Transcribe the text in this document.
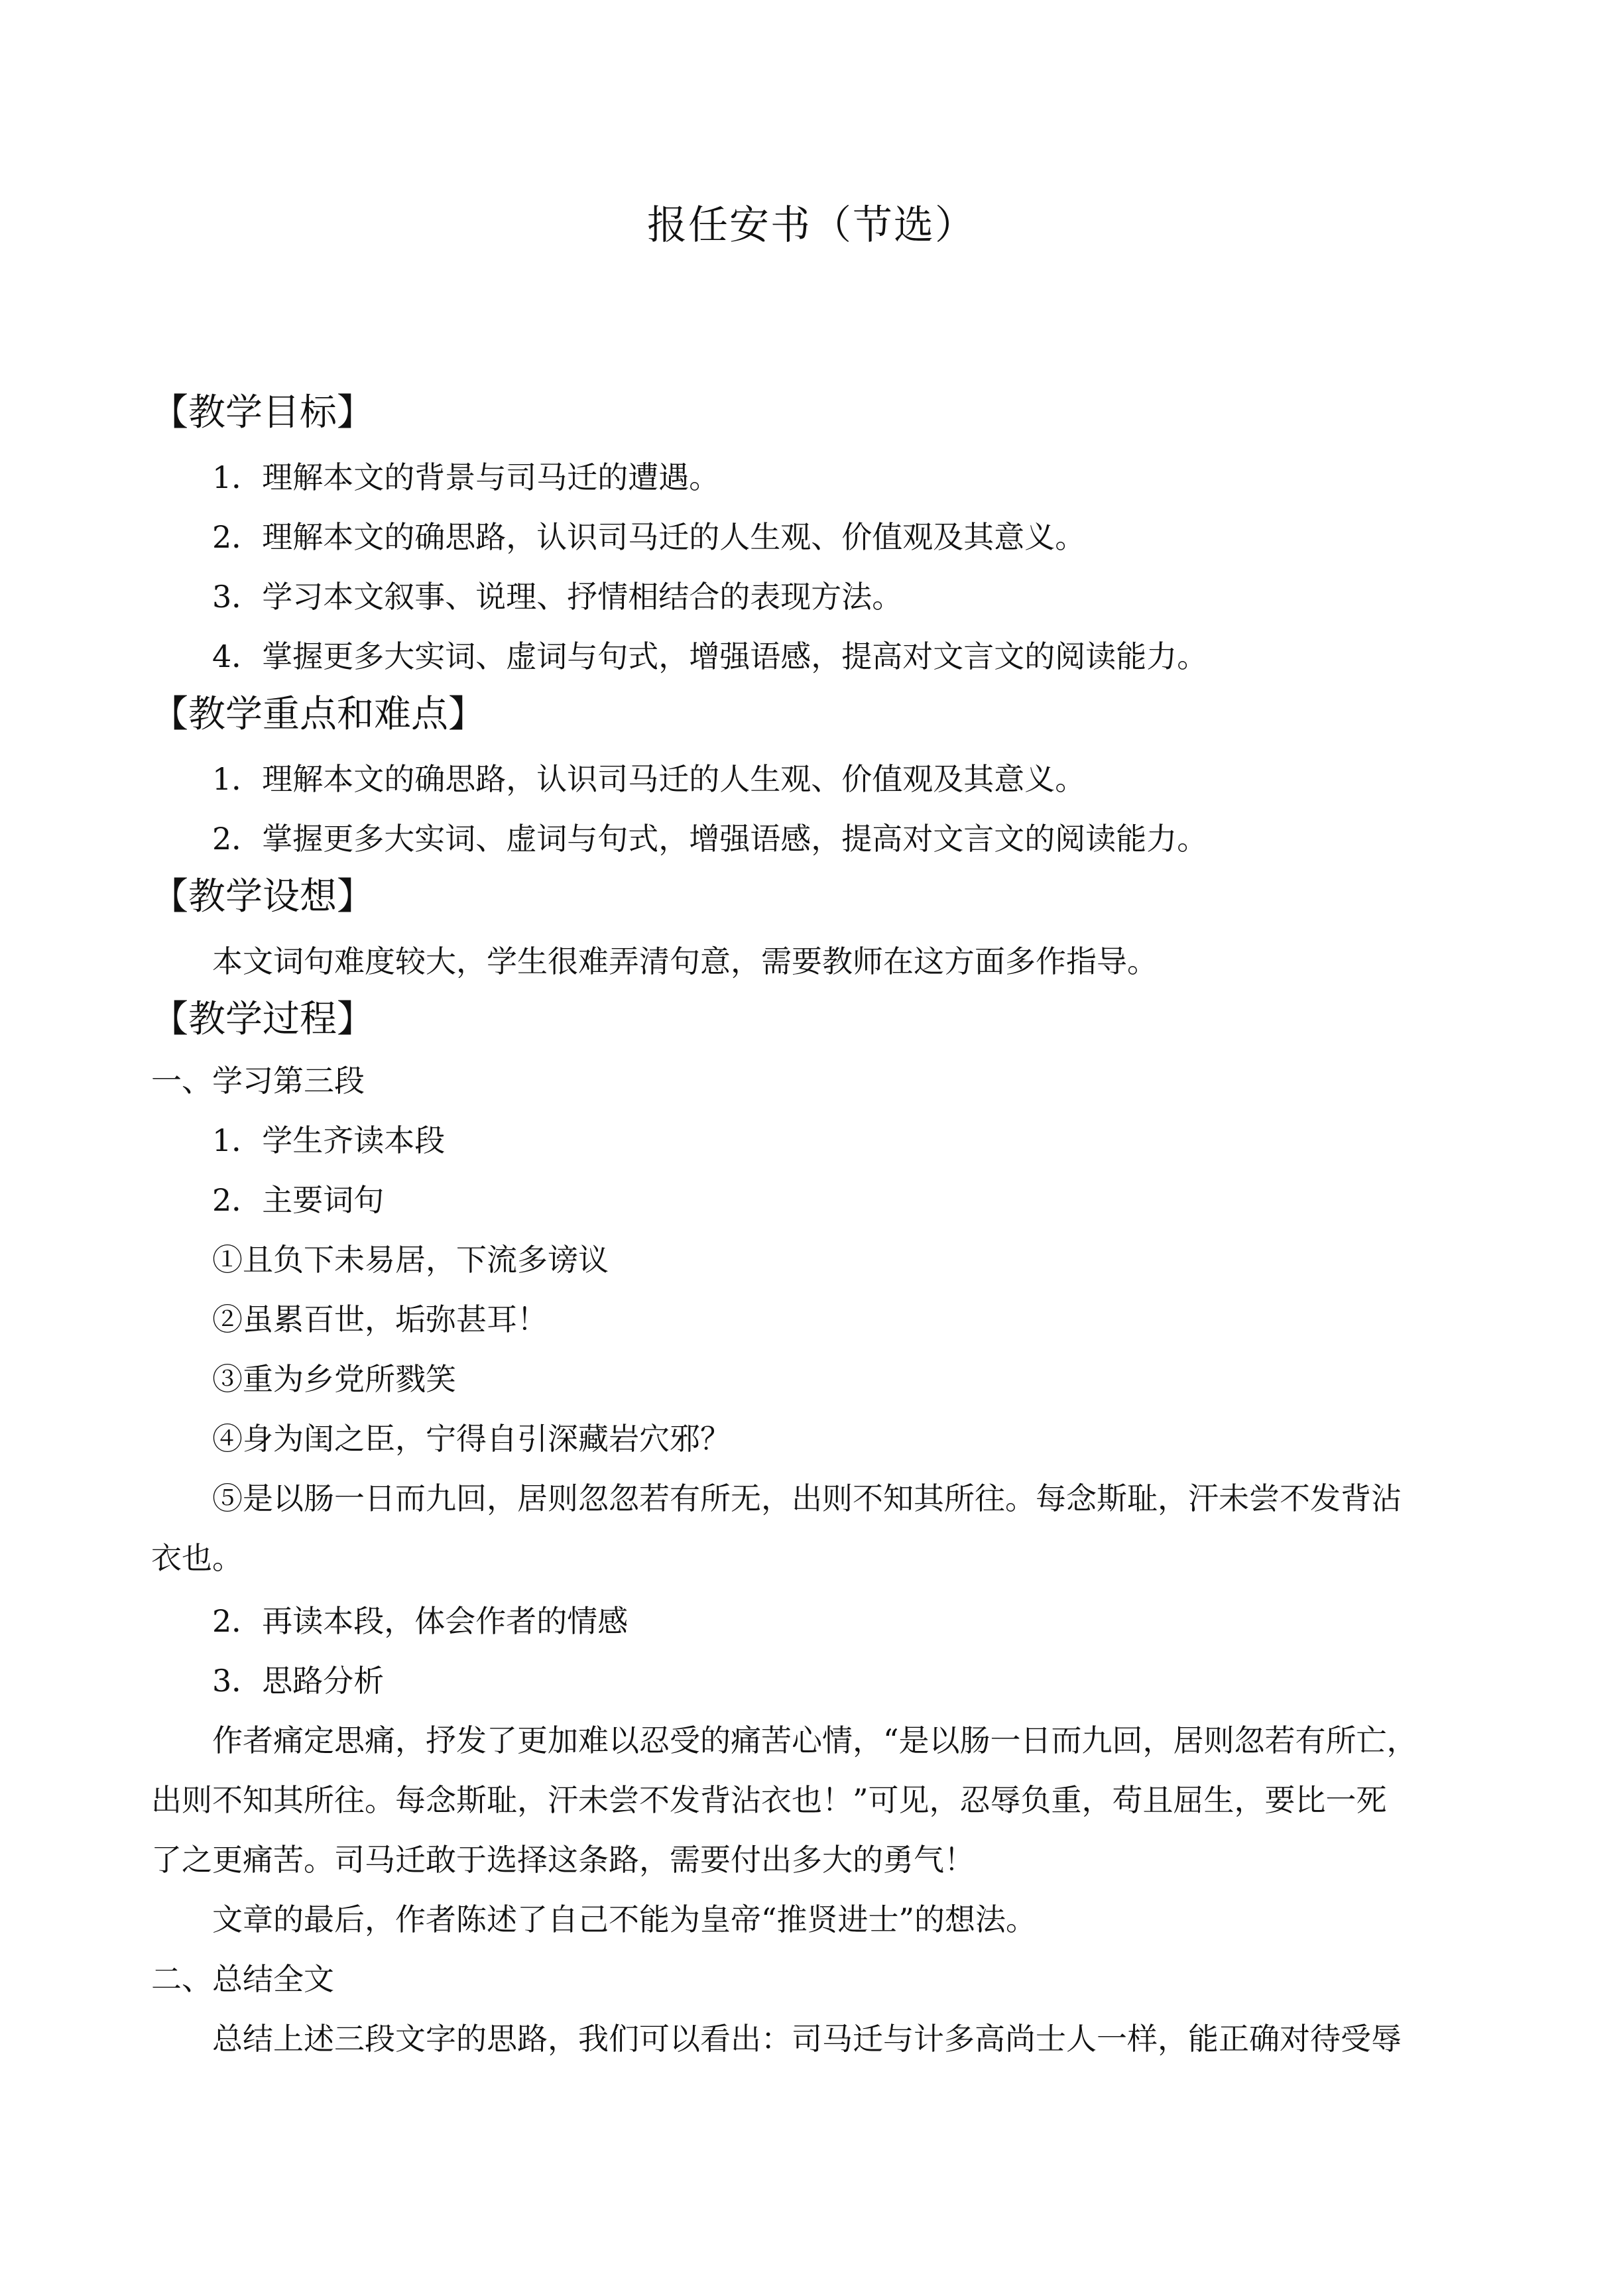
报任安书（节选）
【教学目标】
1．理解本文的背景与司马迁的遭遇。
2．理解本文的确思路，认识司马迁的人生观、价值观及其意义。
3．学习本文叙事、说理、抒情相结合的表现方法。
4．掌握更多大实词、虚词与句式，增强语感，提高对文言文的阅读能力。
【教学重点和难点】
1．理解本文的确思路，认识司马迁的人生观、价值观及其意义。
2．掌握更多大实词、虚词与句式，增强语感，提高对文言文的阅读能力。
【教学设想】
本文词句难度较大，学生很难弄清句意，需要教师在这方面多作指导。
【教学过程】
一、学习第三段
1．学生齐读本段
2．主要词句
①且负下未易居，下流多谤议
②虽累百世，垢弥甚耳！
③重为乡党所戮笑
④身为闺之臣，宁得自引深藏岩穴邪？
⑤是以肠一日而九回，居则忽忽若有所无，出则不知其所往。每念斯耻，汗未尝不发背沾
衣也。
2．再读本段，体会作者的情感
3．思路分析
作者痛定思痛，抒发了更加难以忍受的痛苦心情，“是以肠一日而九回，居则忽若有所亡，
出则不知其所往。每念斯耻，汗未尝不发背沾衣也！”可见，忍辱负重，苟且屈生，要比一死
了之更痛苦。司马迁敢于选择这条路，需要付出多大的勇气！
文章的最后，作者陈述了自己不能为皇帝“推贤进士”的想法。
二、总结全文
总结上述三段文字的思路，我们可以看出：司马迁与计多高尚士人一样，能正确对待受辱
